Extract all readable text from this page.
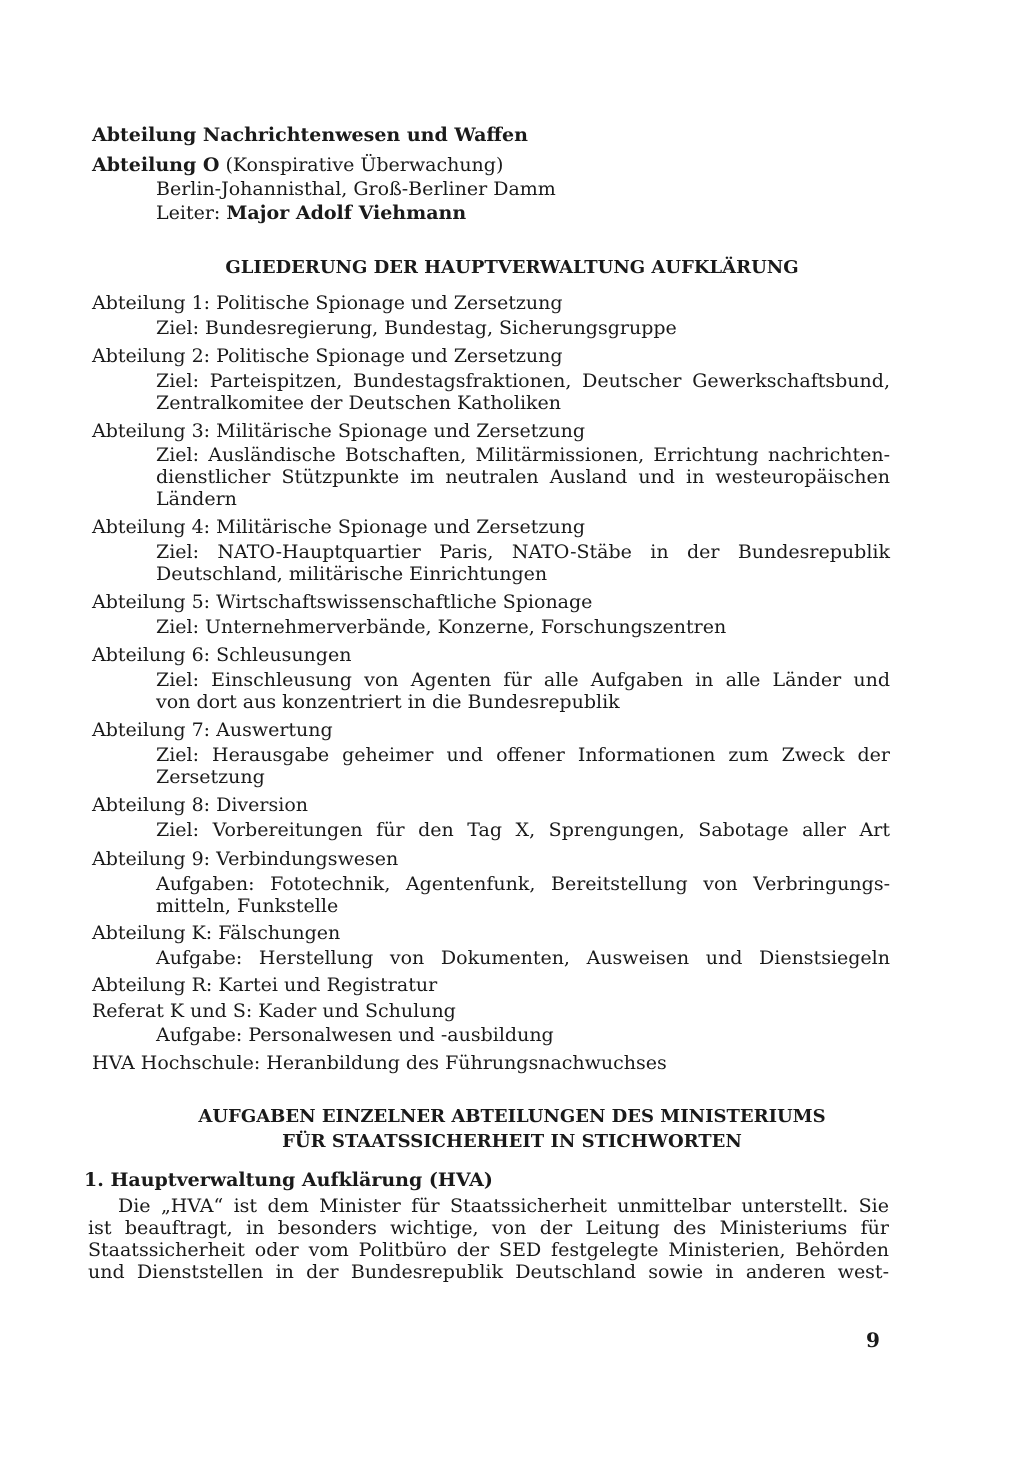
Abteilung Nachrichtenwesen und Waffen
Abteilung O (Konspirative Überwachung)
Berlin-Johannisthal, Groß-Berliner Damm
Leiter: Major Adolf Viehmann
GLIEDERUNG DER HAUPTVERWALTUNG AUFKLÄRUNG
Abteilung 1: Politische Spionage und Zersetzung
Ziel: Bundesregierung, Bundestag, Sicherungsgruppe
Abteilung 2: Politische Spionage und Zersetzung
Ziel: Parteispitzen, Bundestagsfraktionen, Deutscher Gewerkschaftsbund,
Zentralkomitee der Deutschen Katholiken
Abteilung 3: Militärische Spionage und Zersetzung
Ziel: Ausländische Botschaften, Militärmissionen, Errichtung nachrichten-
dienstlicher Stützpunkte im neutralen Ausland und in westeuropäischen
Ländern
Abteilung 4: Militärische Spionage und Zersetzung
Ziel: NATO-Hauptquartier Paris, NATO-Stäbe in der Bundesrepublik
Deutschland, militärische Einrichtungen
Abteilung 5: Wirtschaftswissenschaftliche Spionage
Ziel: Unternehmerverbände, Konzerne, Forschungszentren
Abteilung 6: Schleusungen
Ziel: Einschleusung von Agenten für alle Aufgaben in alle Länder und
von dort aus konzentriert in die Bundesrepublik
Abteilung 7: Auswertung
Ziel: Herausgabe geheimer und offener Informationen zum Zweck der
Zersetzung
Abteilung 8: Diversion
Ziel: Vorbereitungen für den Tag X, Sprengungen, Sabotage aller Art
Abteilung 9: Verbindungswesen
Aufgaben: Fototechnik, Agentenfunk, Bereitstellung von Verbringungs-
mitteln, Funkstelle
Abteilung K: Fälschungen
Aufgabe: Herstellung von Dokumenten, Ausweisen und Dienstsiegeln
Abteilung R: Kartei und Registratur
Referat K und S: Kader und Schulung
Aufgabe: Personalwesen und -ausbildung
HVA Hochschule: Heranbildung des Führungsnachwuchses
AUFGABEN EINZELNER ABTEILUNGEN DES MINISTERIUMS
FÜR STAATSSICHERHEIT IN STICHWORTEN
1. Hauptverwaltung Aufklärung (HVA)
Die „HVA“ ist dem Minister für Staatssicherheit unmittelbar unterstellt. Sie
ist beauftragt, in besonders wichtige, von der Leitung des Ministeriums für
Staatssicherheit oder vom Politbüro der SED festgelegte Ministerien, Behörden
und Dienststellen in der Bundesrepublik Deutschland sowie in anderen west-
9
